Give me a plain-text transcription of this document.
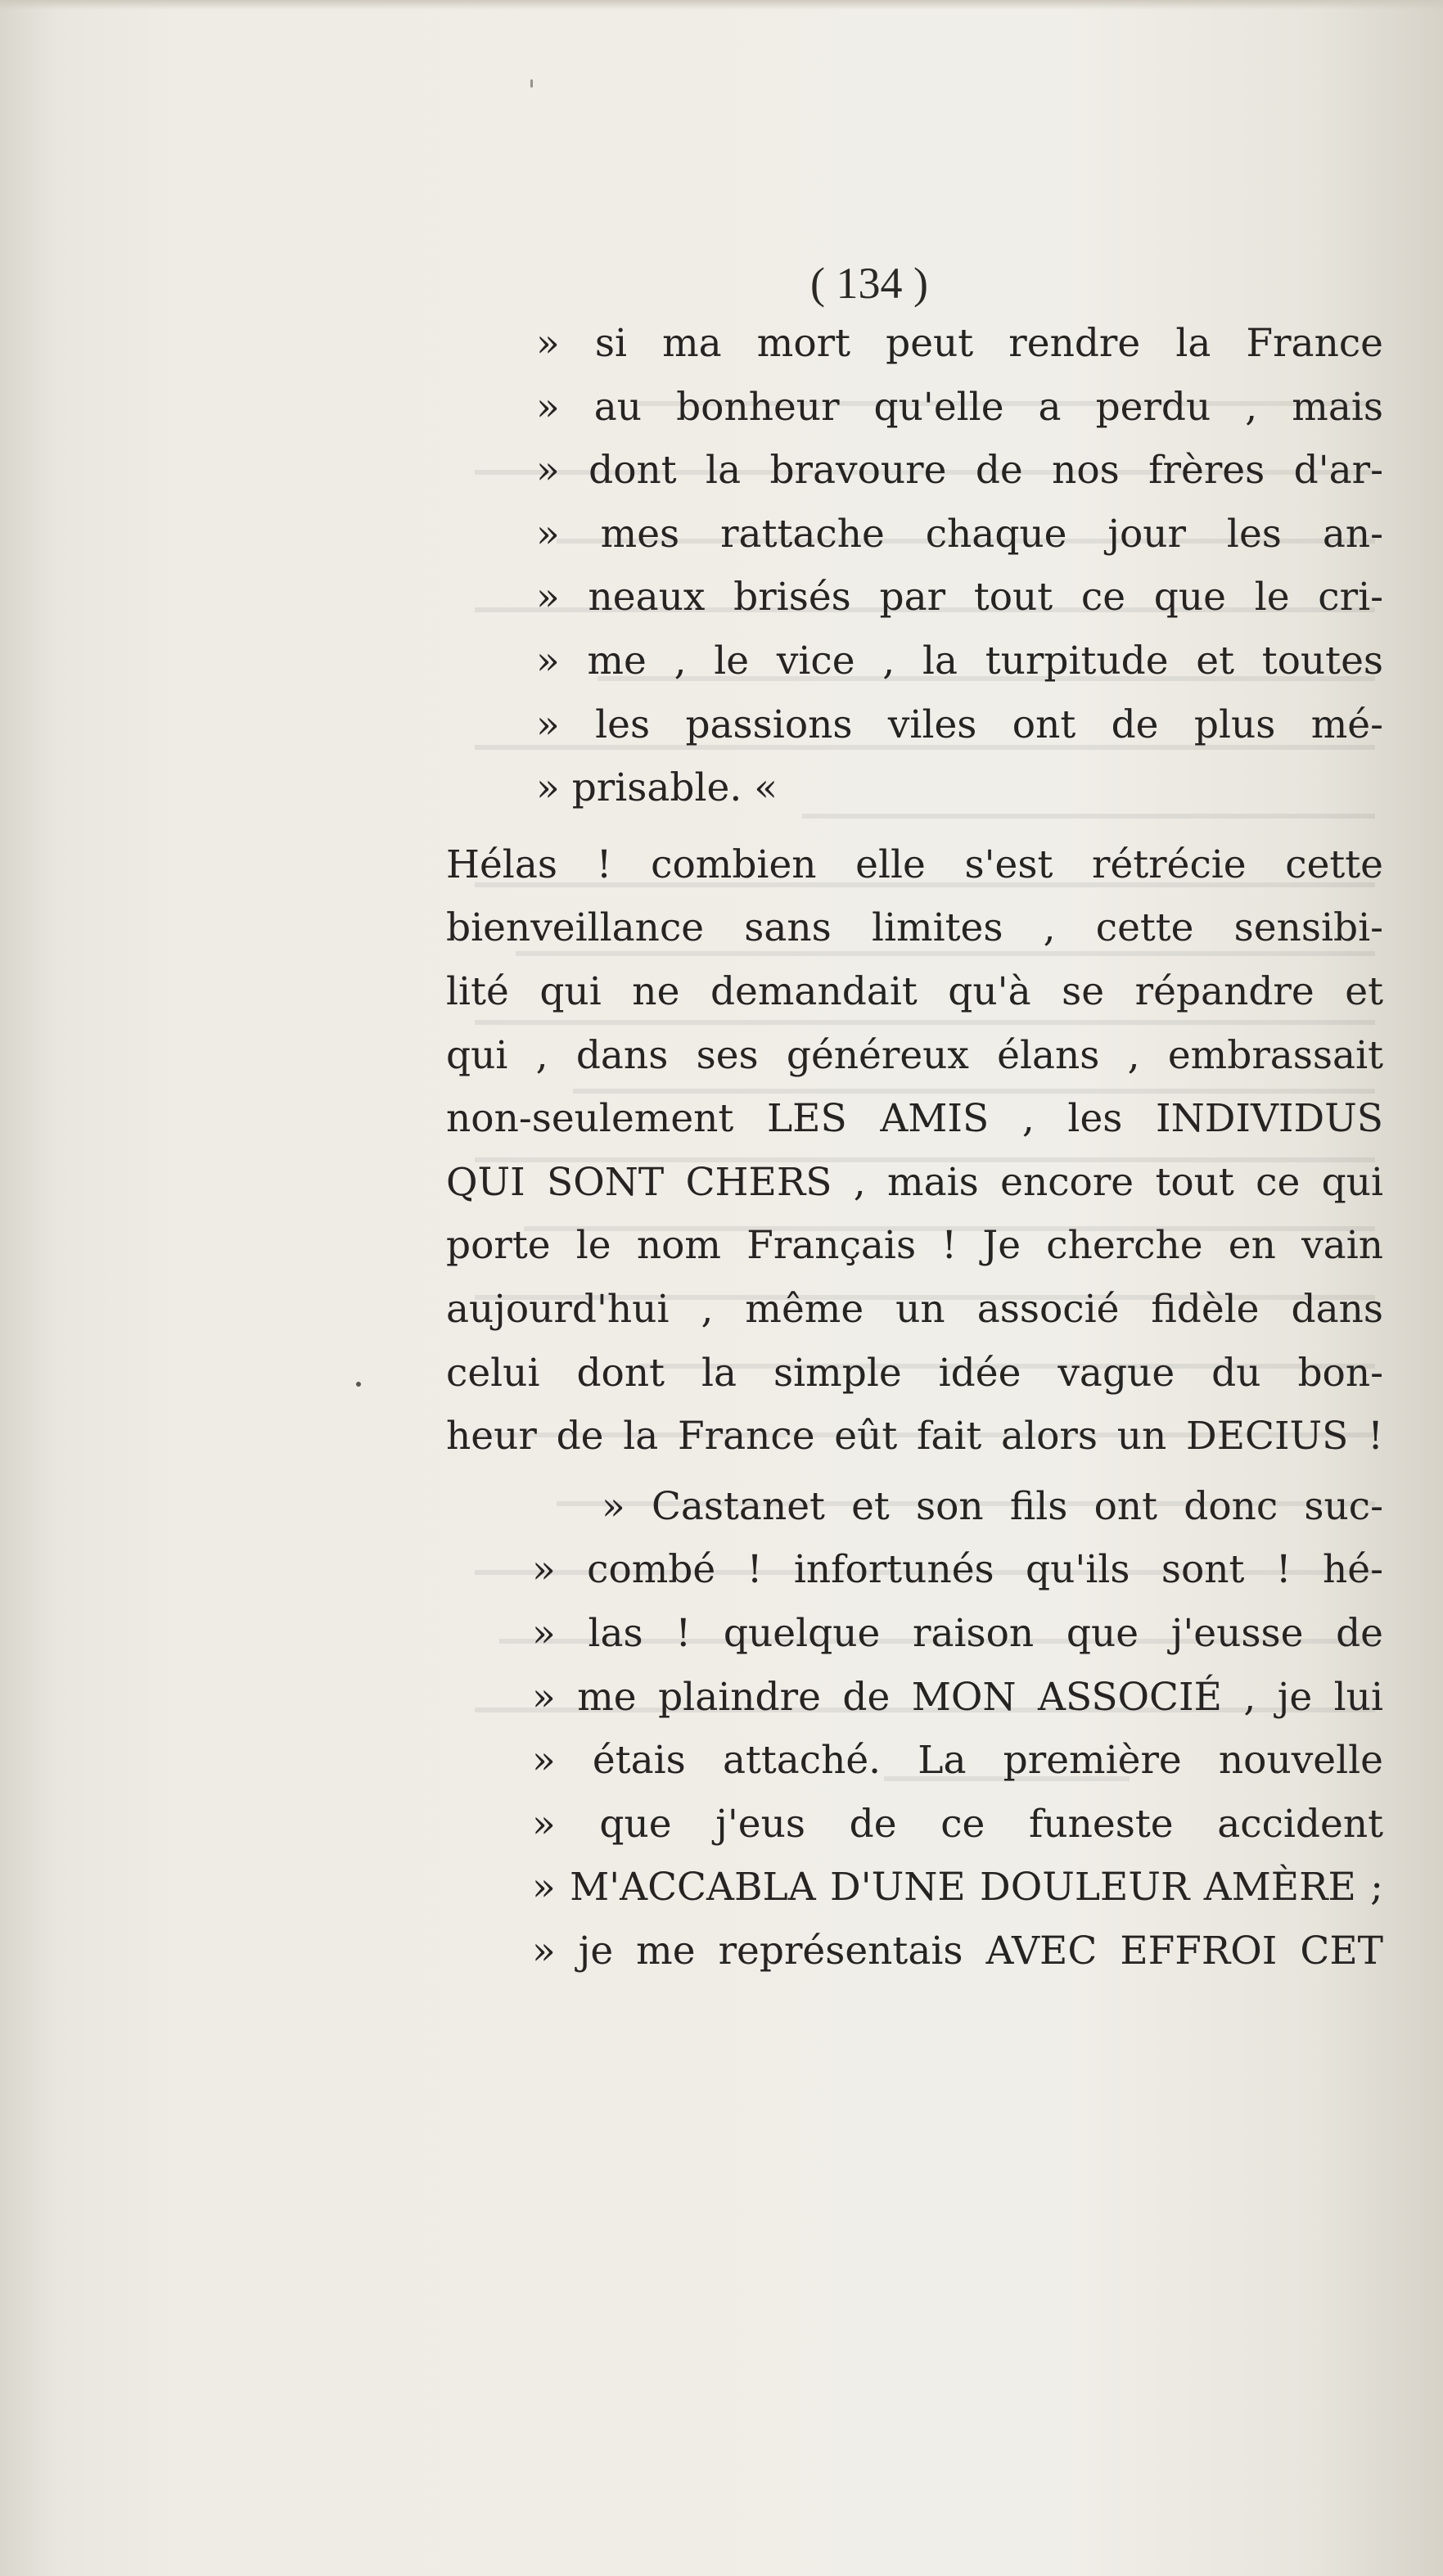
( 134 )
» si ma mort peut rendre la France
» au bonheur qu'elle a perdu , mais
» dont la bravoure de nos frères d'ar-
» mes rattache chaque jour les an-
» neaux brisés par tout ce que le cri-
» me , le vice , la turpitude et toutes
» les passions viles ont de plus mé-
» prisable. «
Hélas ! combien elle s'est rétrécie cette
bienveillance sans limites , cette sensibi-
lité qui ne demandait qu'à se répandre et
qui , dans ses généreux élans , embrassait
non-seulement LES AMIS , les INDIVIDUS
QUI SONT CHERS , mais encore tout ce qui
porte le nom Français ! Je cherche en vain
aujourd'hui , même un associé fidèle dans
celui dont la simple idée vague du bon-
heur de la France eût fait alors un DECIUS !
» Castanet et son fils ont donc suc-
» combé ! infortunés qu'ils sont ! hé-
» las ! quelque raison que j'eusse de
» me plaindre de MON ASSOCIÉ , je lui
» étais attaché. La première nouvelle
» que j'eus de ce funeste accident
» M'ACCABLA D'UNE DOULEUR AMÈRE ;
» je me représentais AVEC EFFROI CET
